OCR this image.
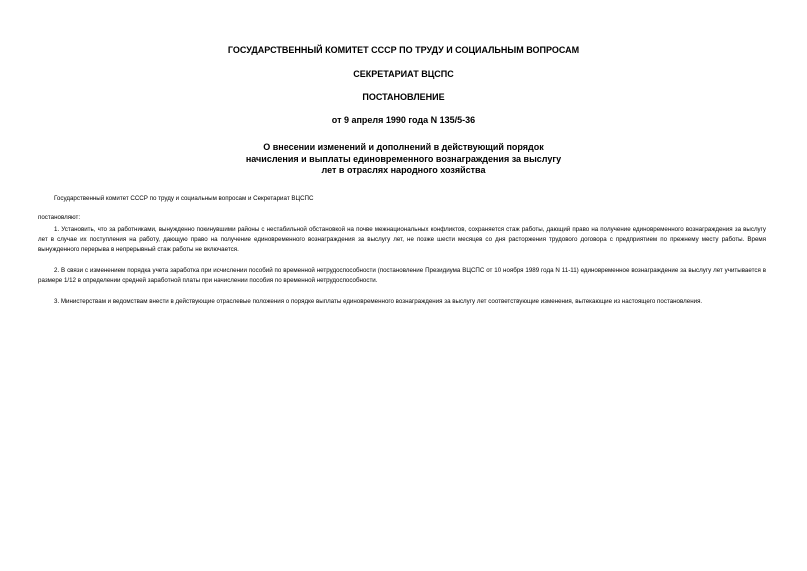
ГОСУДАРСТВЕННЫЙ КОМИТЕТ СССР ПО ТРУДУ И СОЦИАЛЬНЫМ ВОПРОСАМ
СЕКРЕТАРИАТ ВЦСПС
ПОСТАНОВЛЕНИЕ
от 9 апреля 1990 года N 135/5-36
О внесении изменений и дополнений в действующий порядок
начисления и выплаты единовременного вознаграждения за выслугу
лет в отраслях народного хозяйства
Государственный комитет СССР по труду и социальным вопросам и Секретариат ВЦСПС
постановляют:
1. Установить, что за работниками, вынужденно покинувшими районы с нестабильной обстановкой на почве межнациональных конфликтов, сохраняется стаж работы, дающий право на получение единовременного вознаграждения за выслугу лет в случае их поступления на работу, дающую право на получение единовременного вознаграждения за выслугу лет, не позже шести месяцев со дня расторжения трудового договора с предприятием по прежнему месту работы. Время вынужденного перерыва в непрерывный стаж работы не включается.
2. В связи с изменением порядка учета заработка при исчислении пособий по временной нетрудоспособности (постановление Президиума ВЦСПС от 10 ноября 1989 года N 11-11) единовременное вознаграждение за выслугу лет учитывается в размере 1/12 в определении средней заработной платы при начислении пособия по временной нетрудоспособности.
3. Министерствам и ведомствам внести в действующие отраслевые положения о порядке выплаты единовременного вознаграждения за выслугу лет соответствующие изменения, вытекающие из настоящего постановления.
